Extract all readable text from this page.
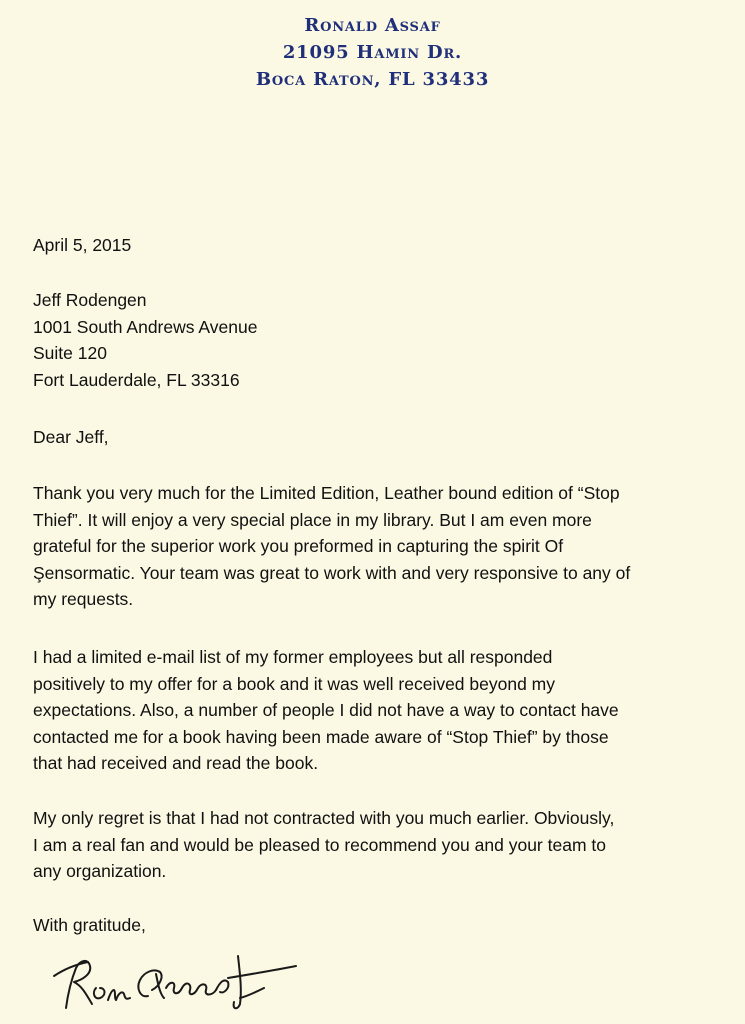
Ronald Assaf
21095 Hamin Dr.
Boca Raton, FL 33433
April 5, 2015
Jeff Rodengen
1001 South Andrews Avenue
Suite 120
Fort Lauderdale, FL 33316
Dear Jeff,
Thank you very much for the Limited Edition, Leather bound edition of “Stop
Thief”. It will enjoy a very special place in my library. But I am even more
grateful for the superior work you preformed in capturing the spirit Of
Şensormatic. Your team was great to work with and very responsive to any of
my requests.
I had a limited e-mail list of my former employees but all responded
positively to my offer for a book and it was well received beyond my
expectations. Also, a number of people I did not have a way to contact have
contacted me for a book having been made aware of “Stop Thief” by those
that had received and read the book.
My only regret is that I had not contracted with you much earlier. Obviously,
I am a real fan and would be pleased to recommend you and your team to
any organization.
With gratitude,
